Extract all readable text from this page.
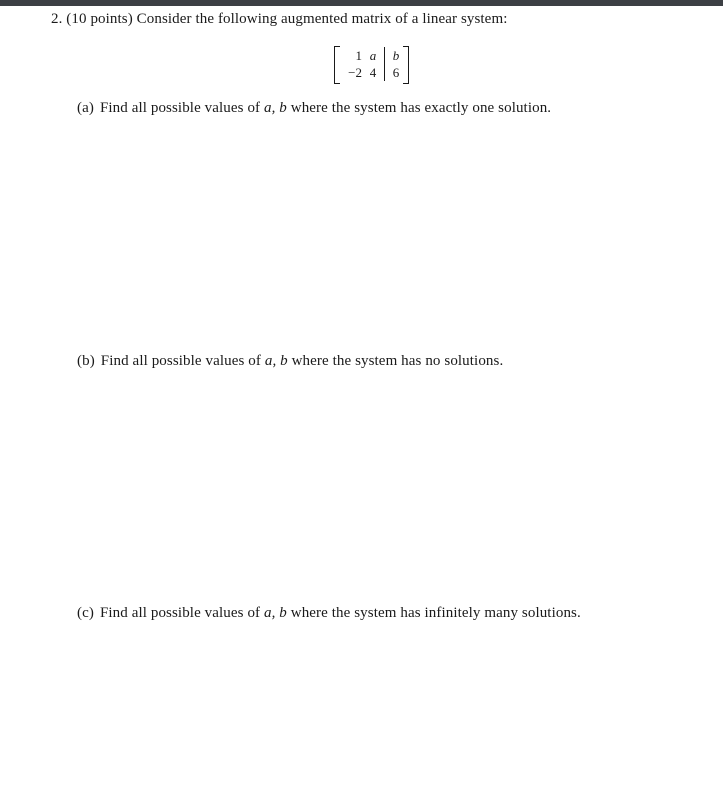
2. (10 points) Consider the following augmented matrix of a linear system:
1 a b
−2 4 6
(a) Find all possible values of a, b where the system has exactly one solution.
(b) Find all possible values of a, b where the system has no solutions.
(c) Find all possible values of a, b where the system has infinitely many solutions.
